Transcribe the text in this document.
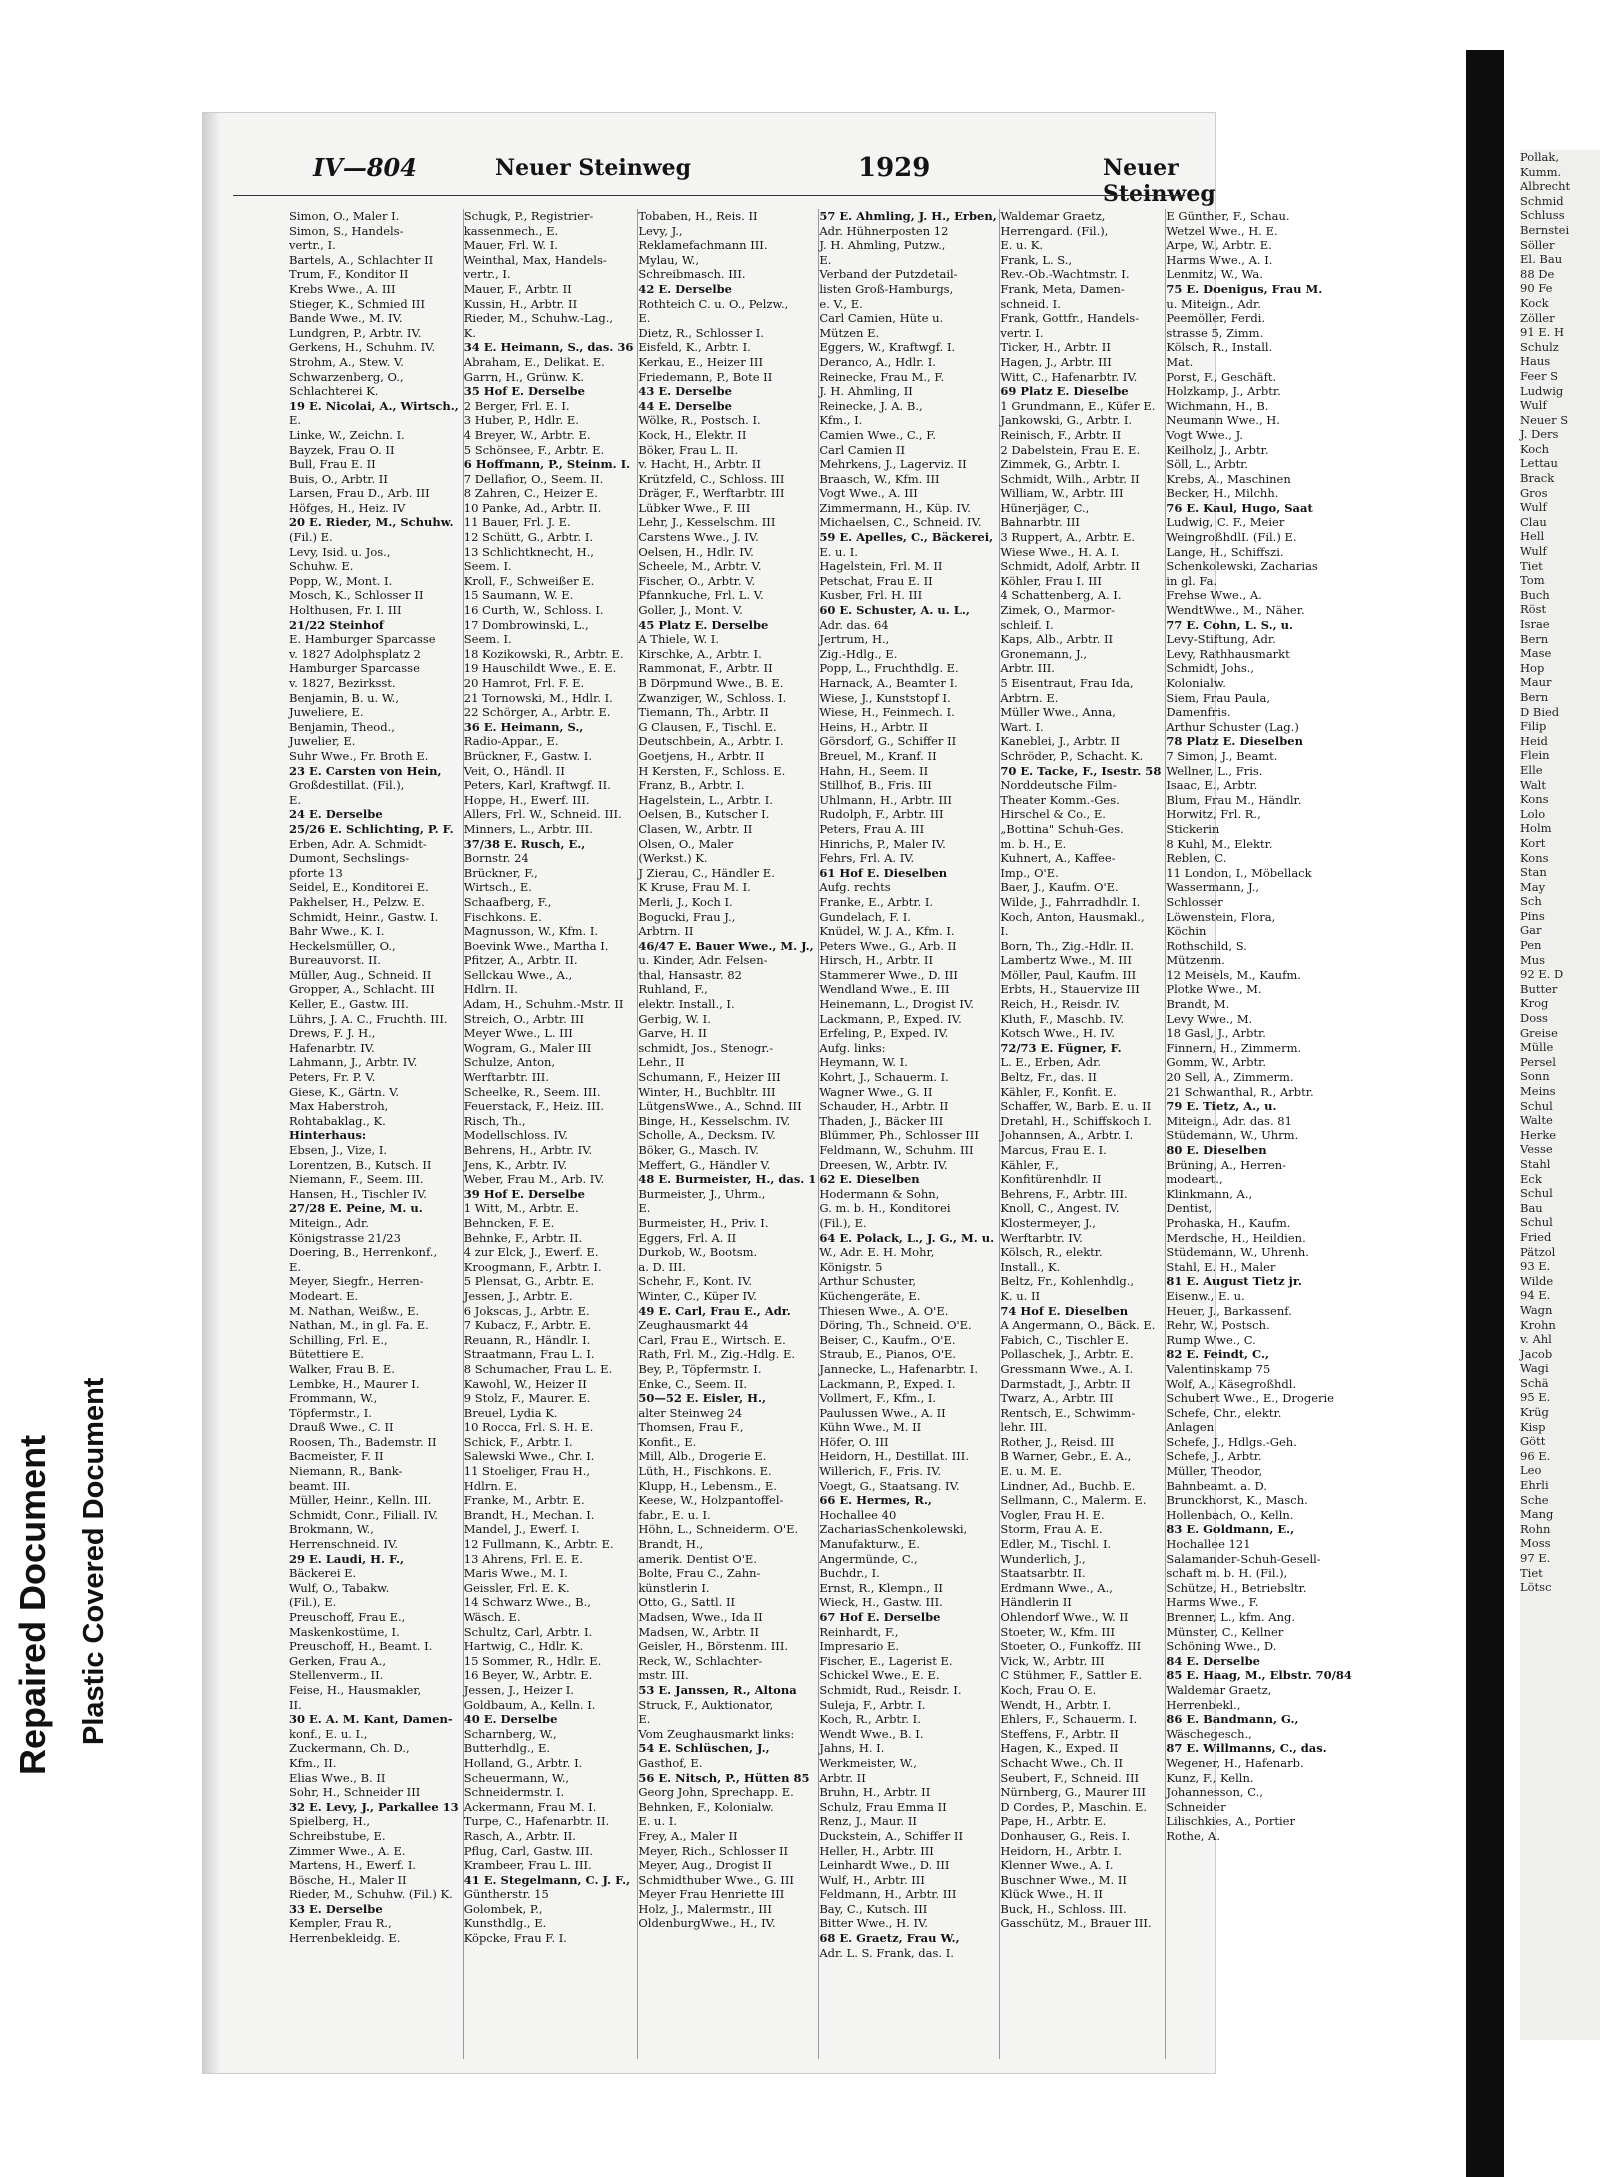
Repaired Document Plastic Covered Document
IV—804	Neuer Steinweg	1929	Neuer Steinweg
Simon, O., Maler I.
Simon, S., Handels-
vertr., I.
Bartels, A., Schlachter II
Trum, F., Konditor II
Krebs Wwe., A. III
Stieger, K., Schmied III
Bande Wwe., M. IV.
Lundgren, P., Arbtr. IV.
Gerkens, H., Schuhm. IV.
Strohm, A., Stew. V.
Schwarzenberg, O.,
Schlachterei K.
19 E. Nicolai, A., Wirtsch.,
E.
Linke, W., Zeichn. I.
Bayzek, Frau O. II
Bull, Frau E. II
Buis, O., Arbtr. II
Larsen, Frau D., Arb. III
Höfges, H., Heiz. IV
20 E. Rieder, M., Schuhw.
(Fil.) E.
Levy, Isid. u. Jos.,
Schuhw. E.
Popp, W., Mont. I.
Mosch, K., Schlosser II
Holthusen, Fr. I. III
21/22 Steinhof
E. Hamburger Sparcasse
v. 1827 Adolphsplatz 2
Hamburger Sparcasse
v. 1827, Bezirksst.
Benjamin, B. u. W.,
Juweliere, E.
Benjamin, Theod.,
Juwelier, E.
Suhr Wwe., Fr. Broth E.
23 E. Carsten von Hein,
Großdestillat. (Fil.),
E.
24 E. Derselbe
25/26 E. Schlichting, P. F.
Erben, Adr. A. Schmidt-
Dumont, Sechslings-
pforte 13
Seidel, E., Konditorei E.
Pakhelser, H., Pelzw. E.
Schmidt, Heinr., Gastw. I.
Bahr Wwe., K. I.
Heckelsmüller, O.,
Bureauvorst. II.
Müller, Aug., Schneid. II
Gropper, A., Schlacht. III
Keller, E., Gastw. III.
Lührs, J. A. C., Fruchth. III.
Drews, F. J. H.,
Hafenarbtr. IV.
Lahmann, J., Arbtr. IV.
Peters, Fr. P. V.
Giese, K., Gärtn. V.
Max Haberstroh,
Rohtabaklag., K.
Hinterhaus:
Ebsen, J., Vize, I.
Lorentzen, B., Kutsch. II
Niemann, F., Seem. III.
Hansen, H., Tischler IV.
27/28 E. Peine, M. u.
Miteign., Adr.
Königstrasse 21/23
Doering, B., Herrenkonf.,
E.
Meyer, Siegfr., Herren-
Modeart. E.
M. Nathan, Weißw., E.
Nathan, M., in gl. Fa. E.
Schilling, Frl. E.,
Bütettiere E.
Walker, Frau B. E.
Lembke, H., Maurer I.
Frommann, W.,
Töpfermstr., I.
Drauß Wwe., C. II
Roosen, Th., Bademstr. II
Bacmeister, F. II
Niemann, R., Bank-
beamt. III.
Müller, Heinr., Kelln. III.
Schmidt, Conr., Filiall. IV.
Brokmann, W.,
Herrenschneid. IV.
29 E. Laudi, H. F.,
Bäckerei E.
Wulf, O., Tabakw.
(Fil.), E.
Preuschoff, Frau E.,
Maskenkostüme, I.
Preuschoff, H., Beamt. I.
Gerken, Frau A.,
Stellenverm., II.
Feise, H., Hausmakler,
II.
30 E. A. M. Kant, Damen-
konf., E. u. I.,
Zuckermann, Ch. D.,
Kfm., II.
Elias Wwe., B. II
Sohr, H., Schneider III
32 E. Levy, J., Parkallee 13
Spielberg, H.,
Schreibstube, E.
Zimmer Wwe., A. E.
Martens, H., Ewerf. I.
Bösche, H., Maler II
Rieder, M., Schuhw. (Fil.) K.
33 E. Derselbe
Kempler, Frau R.,
Herrenbekleidg. E.
Schugk, P., Registrier-
kassenmech., E.
Mauer, Frl. W. I.
Weinthal, Max, Handels-
vertr., I.
Mauer, F., Arbtr. II
Kussin, H., Arbtr. II
Rieder, M., Schuhw.-Lag.,
K.
34 E. Heimann, S., das. 36
Abraham, E., Delikat. E.
Garrn, H., Grünw. K.
35 Hof E. Derselbe
2 Berger, Frl. E. I.
3 Huber, P., Hdlr. E.
4 Breyer, W., Arbtr. E.
5 Schönsee, F., Arbtr. E.
6 Hoffmann, P., Steinm. I.
7 Dellafior, O., Seem. II.
8 Zahren, C., Heizer E.
10 Panke, Ad., Arbtr. II.
11 Bauer, Frl. J. E.
12 Schütt, G., Arbtr. I.
13 Schlichtknecht, H.,
Seem. I.
Kroll, F., Schweißer E.
15 Saumann, W. E.
16 Curth, W., Schloss. I.
17 Dombrowinski, L.,
Seem. I.
18 Kozikowski, R., Arbtr. E.
19 Hauschildt Wwe., E. E.
20 Hamrot, Frl. F. E.
21 Tornowski, M., Hdlr. I.
22 Schörger, A., Arbtr. E.
36 E. Heimann, S.,
Radio-Appar., E.
Brückner, F., Gastw. I.
Veit, O., Händl. II
Peters, Karl, Kraftwgf. II.
Hoppe, H., Ewerf. III.
Allers, Frl. W., Schneid. III.
Minners, L., Arbtr. III.
37/38 E. Rusch, E.,
Bornstr. 24
Brückner, F.,
Wirtsch., E.
Schaafberg, F.,
Fischkons. E.
Magnusson, W., Kfm. I.
Boevink Wwe., Martha I.
Pfitzer, A., Arbtr. II.
Sellckau Wwe., A.,
Hdlrn. II.
Adam, H., Schuhm.-Mstr. II
Streich, O., Arbtr. III
Meyer Wwe., L. III
Wogram, G., Maler III
Schulze, Anton,
Werftarbtr. III.
Scheelke, R., Seem. III.
Feuerstack, F., Heiz. III.
Risch, Th.,
Modellschloss. IV.
Behrens, H., Arbtr. IV.
Jens, K., Arbtr. IV.
Weber, Frau M., Arb. IV.
39 Hof E. Derselbe
1 Witt, M., Arbtr. E.
Behncken, F. E.
Behnke, F., Arbtr. II.
4 zur Elck, J., Ewerf. E.
Kroogmann, F., Arbtr. I.
5 Plensat, G., Arbtr. E.
Jessen, J., Arbtr. E.
6 Jokscas, J., Arbtr. E.
7 Kubacz, F., Arbtr. E.
Reuann, R., Händlr. I.
Straatmann, Frau L. I.
8 Schumacher, Frau L. E.
Kawohl, W., Heizer II
9 Stolz, F., Maurer. E.
Breuel, Lydia K.
10 Rocca, Frl. S. H. E.
Schick, F., Arbtr. I.
Salewski Wwe., Chr. I.
11 Stoeliger, Frau H.,
Hdlrn. E.
Franke, M., Arbtr. E.
Brandt, H., Mechan. I.
Mandel, J., Ewerf. I.
12 Fullmann, K., Arbtr. E.
13 Ahrens, Frl. E. E.
Maris Wwe., M. I.
Geissler, Frl. E. K.
14 Schwarz Wwe., B.,
Wäsch. E.
Schultz, Carl, Arbtr. I.
Hartwig, C., Hdlr. K.
15 Sommer, R., Hdlr. E.
16 Beyer, W., Arbtr. E.
Jessen, J., Heizer I.
Goldbaum, A., Kelln. I.
40 E. Derselbe
Scharnberg, W.,
Butterhdlg., E.
Holland, G., Arbtr. I.
Scheuermann, W.,
Schneidermstr. I.
Ackermann, Frau M. I.
Turpe, C., Hafenarbtr. II.
Rasch, A., Arbtr. II.
Pflug, Carl, Gastw. III.
Krambeer, Frau L. III.
41 E. Stegelmann, C. J. F.,
Güntherstr. 15
Golombek, P.,
Kunsthdlg., E.
Köpcke, Frau F. I.
Tobaben, H., Reis. II
Levy, J.,
Reklamefachmann III.
Mylau, W.,
Schreibmasch. III.
42 E. Derselbe
Rothteich C. u. O., Pelzw.,
E.
Dietz, R., Schlosser I.
Eisfeld, K., Arbtr. I.
Kerkau, E., Heizer III
Friedemann, P., Bote II
43 E. Derselbe
44 E. Derselbe
Wölke, R., Postsch. I.
Kock, H., Elektr. II
Böker, Frau L. II.
v. Hacht, H., Arbtr. II
Krützfeld, C., Schloss. III
Dräger, F., Werftarbtr. III
Lübker Wwe., F. III
Lehr, J., Kesselschm. III
Carstens Wwe., J. IV.
Oelsen, H., Hdlr. IV.
Scheele, M., Arbtr. V.
Fischer, O., Arbtr. V.
Pfannkuche, Frl. L. V.
Goller, J., Mont. V.
45 Platz E. Derselbe
A Thiele, W. I.
Kirschke, A., Arbtr. I.
Rammonat, F., Arbtr. II
B Dörpmund Wwe., B. E.
Zwanziger, W., Schloss. I.
Tiemann, Th., Arbtr. II
G Clausen, F., Tischl. E.
Deutschbein, A., Arbtr. I.
Goetjens, H., Arbtr. II
H Kersten, F., Schloss. E.
Franz, B., Arbtr. I.
Hagelstein, L., Arbtr. I.
Oelsen, B., Kutscher I.
Clasen, W., Arbtr. II
Olsen, O., Maler
(Werkst.) K.
J Zierau, C., Händler E.
K Kruse, Frau M. I.
Merli, J., Koch I.
Bogucki, Frau J.,
Arbtrn. II
46/47 E. Bauer Wwe., M. J.,
u. Kinder, Adr. Felsen-
thal, Hansastr. 82
Ruhland, F.,
elektr. Install., I.
Gerbig, W. I.
Garve, H. II
schmidt, Jos., Stenogr.-
Lehr., II
Schumann, F., Heizer III
Winter, H., Buchbltr. III
LütgensWwe., A., Schnd. III
Binge, H., Kesselschm. IV.
Scholle, A., Decksm. IV.
Böker, G., Masch. IV.
Meffert, G., Händler V.
48 E. Burmeister, H., das. 1
Burmeister, J., Uhrm.,
E.
Burmeister, H., Priv. I.
Eggers, Frl. A. II
Durkob, W., Bootsm.
a. D. III.
Schehr, F., Kont. IV.
Winter, C., Küper IV.
49 E. Carl, Frau E., Adr.
Zeughausmarkt 44
Carl, Frau E., Wirtsch. E.
Rath, Frl. M., Zig.-Hdlg. E.
Bey, P., Töpfermstr. I.
Enke, C., Seem. II.
50—52 E. Eisler, H.,
alter Steinweg 24
Thomsen, Frau F.,
Konfit., E.
Mill, Alb., Drogerie E.
Lüth, H., Fischkons. E.
Klupp, H., Lebensm., E.
Keese, W., Holzpantoffel-
fabr., E. u. I.
Höhn, L., Schneiderm. O'E.
Brandt, H.,
amerik. Dentist O'E.
Bolte, Frau C., Zahn-
künstlerin I.
Otto, G., Sattl. II
Madsen, Wwe., Ida II
Madsen, W., Arbtr. II
Geisler, H., Börstenm. III.
Reck, W., Schlachter-
mstr. III.
53 E. Janssen, R., Altona
Struck, F., Auktionator,
E.
Vom Zeughausmarkt links:
54 E. Schlüschen, J.,
Gasthof, E.
56 E. Nitsch, P., Hütten 85
Georg John, Sprechapp. E.
Behnken, F., Kolonialw.
E. u. I.
Frey, A., Maler II
Meyer, Rich., Schlosser II
Meyer, Aug., Drogist II
Schmidthuber Wwe., G. III
Meyer Frau Henriette III
Holz, J., Malermstr., III
OldenburgWwe., H., IV.
57 E. Ahmling, J. H., Erben,
Adr. Hühnerposten 12
J. H. Ahmling, Putzw.,
E.
Verband der Putzdetail-
listen Groß-Hamburgs,
e. V., E.
Carl Camien, Hüte u.
Mützen E.
Eggers, W., Kraftwgf. I.
Deranco, A., Hdlr. I.
Reinecke, Frau M., F.
J. H. Ahmling, II
Reinecke, J. A. B.,
Kfm., I.
Camien Wwe., C., F.
Carl Camien II
Mehrkens, J., Lagerviz. II
Braasch, W., Kfm. III
Vogt Wwe., A. III
Zimmermann, H., Küp. IV.
Michaelsen, C., Schneid. IV.
59 E. Apelles, C., Bäckerei,
E. u. I.
Hagelstein, Frl. M. II
Petschat, Frau E. II
Kusber, Frl. H. III
60 E. Schuster, A. u. L.,
Adr. das. 64
Jertrum, H.,
Zig.-Hdlg., E.
Popp, L., Fruchthdlg. E.
Harnack, A., Beamter I.
Wiese, J., Kunststopf I.
Wiese, H., Feinmech. I.
Heins, H., Arbtr. II
Görsdorf, G., Schiffer II
Breuel, M., Kranf. II
Hahn, H., Seem. II
Stillhof, B., Fris. III
Uhlmann, H., Arbtr. III
Rudolph, F., Arbtr. III
Peters, Frau A. III
Hinrichs, P., Maler IV.
Fehrs, Frl. A. IV.
61 Hof E. Dieselben
Aufg. rechts
Franke, E., Arbtr. I.
Gundelach, F. I.
Knüdel, W. J. A., Kfm. I.
Peters Wwe., G., Arb. II
Hirsch, H., Arbtr. II
Stammerer Wwe., D. III
Wendland Wwe., E. III
Heinemann, L., Drogist IV.
Lackmann, P., Exped. IV.
Erfeling, P., Exped. IV.
Aufg. links:
Heymann, W. I.
Kohrt, J., Schauerm. I.
Wagner Wwe., G. II
Schauder, H., Arbtr. II
Thaden, J., Bäcker III
Blümmer, Ph., Schlosser III
Feldmann, W., Schuhm. III
Dreesen, W., Arbtr. IV.
62 E. Dieselben
Hodermann & Sohn,
G. m. b. H., Konditorei
(Fil.), E.
64 E. Polack, L., J. G., M. u.
W., Adr. E. H. Mohr,
Königstr. 5
Arthur Schuster,
Küchengeräte, E.
Thiesen Wwe., A. O'E.
Döring, Th., Schneid. O'E.
Beiser, C., Kaufm., O'E.
Straub, E., Pianos, O'E.
Jannecke, L., Hafenarbtr. I.
Lackmann, P., Exped. I.
Vollmert, F., Kfm., I.
Paulussen Wwe., A. II
Kühn Wwe., M. II
Höfer, O. III
Heidorn, H., Destillat. III.
Willerich, F., Fris. IV.
Voegt, G., Staatsang. IV.
66 E. Hermes, R.,
Hochallee 40
ZachariasSchenkolewski,
Manufakturw., E.
Angermünde, C.,
Buchdr., I.
Ernst, R., Klempn., II
Wieck, H., Gastw. III.
67 Hof E. Derselbe
Reinhardt, F.,
Impresario E.
Fischer, E., Lagerist E.
Schickel Wwe., E. E.
Schmidt, Rud., Reisdr. I.
Suleja, F., Arbtr. I.
Koch, R., Arbtr. I.
Wendt Wwe., B. I.
Jahns, H. I.
Werkmeister, W.,
Arbtr. II
Bruhn, H., Arbtr. II
Schulz, Frau Emma II
Renz, J., Maur. II
Duckstein, A., Schiffer II
Heller, H., Arbtr. III
Leinhardt Wwe., D. III
Wulf, H., Arbtr. III
Feldmann, H., Arbtr. III
Bay, C., Kutsch. III
Bitter Wwe., H. IV.
68 E. Graetz, Frau W.,
Adr. L. S. Frank, das. I.
Waldemar Graetz,
Herrengard. (Fil.),
E. u. K.
Frank, L. S.,
Rev.-Ob.-Wachtmstr. I.
Frank, Meta, Damen-
schneid. I.
Frank, Gottfr., Handels-
vertr. I.
Ticker, H., Arbtr. II
Hagen, J., Arbtr. III
Witt, C., Hafenarbtr. IV.
69 Platz E. Dieselbe
1 Grundmann, E., Küfer E.
Jankowski, G., Arbtr. I.
Reinisch, F., Arbtr. II
2 Dabelstein, Frau E. E.
Zimmek, G., Arbtr. I.
Schmidt, Wilh., Arbtr. II
William, W., Arbtr. III
Hünerjäger, C.,
Bahnarbtr. III
3 Ruppert, A., Arbtr. E.
Wiese Wwe., H. A. I.
Schmidt, Adolf, Arbtr. II
Köhler, Frau I. III
4 Schattenberg, A. I.
Zimek, O., Marmor-
schleif. I.
Kaps, Alb., Arbtr. II
Gronemann, J.,
Arbtr. III.
5 Eisentraut, Frau Ida,
Arbtrn. E.
Müller Wwe., Anna,
Wart. I.
Kaneblei, J., Arbtr. II
Schröder, P., Schacht. K.
70 E. Tacke, F., Isestr. 58
Norddeutsche Film-
Theater Komm.-Ges.
Hirschel & Co., E.
„Bottina" Schuh-Ges.
m. b. H., E.
Kuhnert, A., Kaffee-
Imp., O'E.
Baer, J., Kaufm. O'E.
Wilde, J., Fahrradhdlr. I.
Koch, Anton, Hausmakl.,
I.
Born, Th., Zig.-Hdlr. II.
Lambertz Wwe., M. III
Möller, Paul, Kaufm. III
Erbts, H., Stauervize III
Reich, H., Reisdr. IV.
Kluth, F., Maschb. IV.
Kotsch Wwe., H. IV.
72/73 E. Fügner, F.
L. E., Erben, Adr.
Beltz, Fr., das. II
Kähler, F., Konfit. E.
Schaffer, W., Barb. E. u. II
Dretahl, H., Schiffskoch I.
Johannsen, A., Arbtr. I.
Marcus, Frau E. I.
Kähler, F.,
Konfitürenhdlr. II
Behrens, F., Arbtr. III.
Knoll, C., Angest. IV.
Klostermeyer, J.,
Werftarbtr. IV.
Kölsch, R., elektr.
Install., K.
Beltz, Fr., Kohlenhdlg.,
K. u. II
74 Hof E. Dieselben
A Angermann, O., Bäck. E.
Fabich, C., Tischler E.
Pollaschek, J., Arbtr. E.
Gressmann Wwe., A. I.
Darmstadt, J., Arbtr. II
Twarz, A., Arbtr. III
Rentsch, E., Schwimm-
lehr. III.
Rother, J., Reisd. III
B Warner, Gebr., E. A.,
E. u. M. E.
Lindner, Ad., Buchb. E.
Sellmann, C., Malerm. E.
Vogler, Frau H. E.
Storm, Frau A. E.
Edler, M., Tischl. I.
Wunderlich, J.,
Staatsarbtr. II.
Erdmann Wwe., A.,
Händlerin II
Ohlendorf Wwe., W. II
Stoeter, W., Kfm. III
Stoeter, O., Funkoffz. III
Vick, W., Arbtr. III
C Stühmer, F., Sattler E.
Koch, Frau O. E.
Wendt, H., Arbtr. I.
Ehlers, F., Schauerm. I.
Steffens, F., Arbtr. II
Hagen, K., Exped. II
Schacht Wwe., Ch. II
Seubert, F., Schneid. III
Nürnberg, G., Maurer III
D Cordes, P., Maschin. E.
Pape, H., Arbtr. E.
Donhauser, G., Reis. I.
Heidorn, H., Arbtr. I.
Klenner Wwe., A. I.
Buschner Wwe., M. II
Klück Wwe., H. II
Buck, H., Schloss. III.
Gasschütz, M., Brauer III.
E Günther, F., Schau.
Wetzel Wwe., H. E.
Arpe, W., Arbtr. E.
Harms Wwe., A. I.
Lenmitz, W., Wa.
75 E. Doenigus, Frau M.
u. Miteign., Adr.
Peemöller, Ferdi.
strasse 5, Zimm.
Kölsch, R., Install.
Mat.
Porst, F., Geschäft.
Holzkamp, J., Arbtr.
Wichmann, H., B.
Neumann Wwe., H.
Vogt Wwe., J.
Keilholz, J., Arbtr.
Söll, L., Arbtr.
Krebs, A., Maschinen
Becker, H., Milchh.
76 E. Kaul, Hugo, Saat
Ludwig, C. F., Meier
WeingroßhdlI. (Fil.) E.
Lange, H., Schiffszi.
Schenkolewski, Zacharias
in gl. Fa.
Frehse Wwe., A.
WendtWwe., M., Näher.
77 E. Cohn, L. S., u.
Levy-Stiftung, Adr.
Levy, Rathhausmarkt
Schmidt, Johs.,
Kolonialw.
Siem, Frau Paula,
Damenfris.
Arthur Schuster (Lag.)
78 Platz E. Dieselben
7 Simon, J., Beamt.
Wellner, L., Fris.
Isaac, E., Arbtr.
Blum, Frau M., Händlr.
Horwitz, Frl. R.,
Stickerin
8 Kuhl, M., Elektr.
Reblen, C.
11 London, I., Möbellack
Wassermann, J.,
Schlosser
Löwenstein, Flora,
Köchin
Rothschild, S.
Mützenm.
12 Meisels, M., Kaufm.
Plotke Wwe., M.
Brandt, M.
Levy Wwe., M.
18 Gasl, J., Arbtr.
Finnern, H., Zimmerm.
Gomm, W., Arbtr.
20 Sell, A., Zimmerm.
21 Schwanthal, R., Arbtr.
79 E. Tietz, A., u.
Miteign., Adr. das. 81
Stüdemann, W., Uhrm.
80 E. Dieselben
Brüning, A., Herren-
modeart.,
Klinkmann, A.,
Dentist,
Prohaska, H., Kaufm.
Merdsche, H., Heildien.
Stüdemann, W., Uhrenh.
Stahl, E. H., Maler
81 E. August Tietz jr.
Eisenw., E. u.
Heuer, J., Barkassenf.
Rehr, W., Postsch.
Rump Wwe., C.
82 E. Feindt, C.,
Valentinskamp 75
Wolf, A., Käsegroßhdl.
Schubert Wwe., E., Drogerie
Schefe, Chr., elektr.
Anlagen
Schefe, J., Hdlgs.-Geh.
Schefe, J., Arbtr.
Müller, Theodor,
Bahnbeamt. a. D.
Brunckhorst, K., Masch.
Hollenbach, O., Kelln.
83 E. Goldmann, E.,
Hochallee 121
Salamander-Schuh-Gesell-
schaft m. b. H. (Fil.),
Schütze, H., Betriebsltr.
Harms Wwe., F.
Brenner, L., kfm. Ang.
Münster, C., Kellner
Schöning Wwe., D.
84 E. Derselbe
85 E. Haag, M., Elbstr. 70/84
Waldemar Graetz,
Herrenbekl.,
86 E. Bandmann, G.,
Wäschegesch.,
87 E. Willmanns, C., das.
Wegener, H., Hafenarb.
Kunz, F., Kelln.
Johannesson, C.,
Schneider
Lilischkies, A., Portier
Rothe, A.
Pollak,
Kumm.
Albrecht
Schmid
Schluss
Bernstei
Söller
El. Bau
88 De
90 Fe
Kock
Zöller
91 E. H
Schulz
Haus
Feer S
Ludwig
Wulf
Neuer S
J. Ders
Koch
Lettau
Brack
Gros
Wulf
Clau
Hell
Wulf
Tiet
Tom
Buch
Röst
Israe
Bern
Mase
Hop
Maur
Bern
D Bied
Filip
Heid
Flein
Elle
Walt
Kons
Lolo
Holm
Kort
Kons
Stan
May
Sch
Pins
Gar
Pen
Mus
92 E. D
Butter
Krog
Doss
Greise
Mülle
Persel
Sonn
Meins
Schul
Walte
Herke
Vesse
Stahl
Eck
Schul
Bau
Schul
Fried
Pätzol
93 E.
Wilde
94 E.
Wagn
Krohn
v. Ahl
Jacob
Wagi
Schä
95 E.
Krüg
Kisp
Gött
96 E.
Leo
Ehrli
Sche
Mang
Rohn
Moss
97 E.
Tiet
Lötsc
